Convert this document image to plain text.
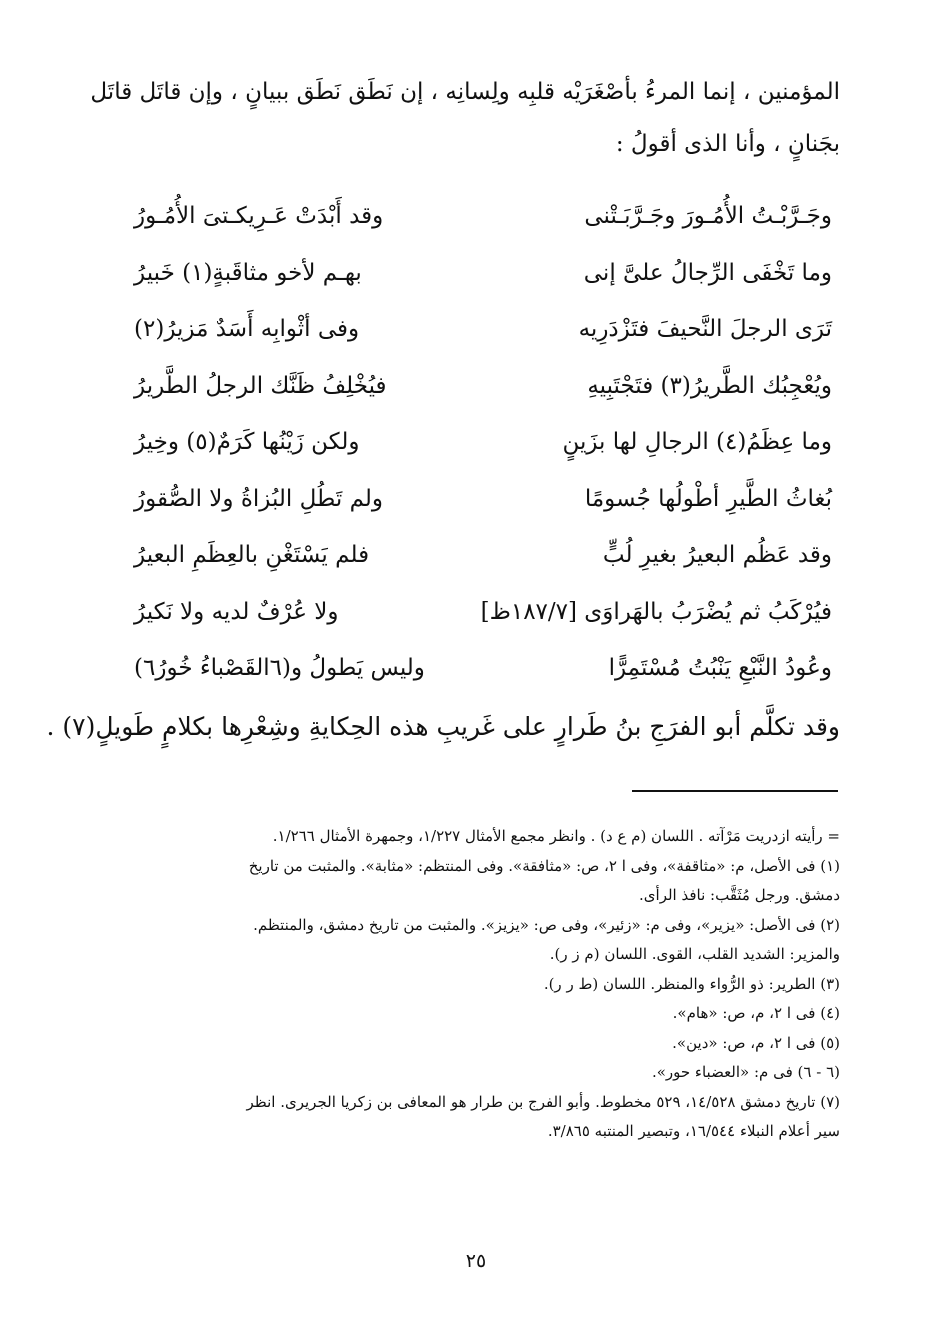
المؤمنين ، إنما المرءُ بأصْغَرَيْه قلبِه ولِسانِه ، إن نَطَق نَطَق ببيانٍ ، وإن قاتَل قاتَل
بجَنانٍ ، وأنا الذى أقولُ :
وجَـرَّبْـتُ الأُمُـورَ وجَـرَّبَـتْنى
وقد أَبْدَتْ عَـرِيكـتىَ الأُمُـورُ
وما تَخْفَى الرِّجالُ علىَّ إنى
بهـم لأخو مثاقَبةٍ(١) خَبيرُ
تَرَى الرجلَ النَّحيفَ فتَزْدَرِيه
وفى أثْوابِه أَسَدٌ مَزيرُ(٢)
ويُعْجِبُك الطَّريرُ(٣) فتَجْتَبِيهِ
فيُخْلِفُ ظَنَّك الرجلُ الطَّريرُ
وما عِظَمُ(٤) الرجالِ لها بزَينٍ
ولكن زَيْنُها كَرَمٌ(٥) وخِيرُ
بُغاثُ الطَّيرِ أطْولُها جُسومًا
ولم تَطُلِ البُزاةُ ولا الصُّقورُ
وقد عَظُم البعيرُ بغيرِ لُبٍّ
فلم يَسْتَغْنِ بالعِظَمِ البعيرُ
فيُرْكَبُ ثم يُضْرَبُ بالهَراوَى [١٨٧/٧ظ]
ولا عُرْفٌ لديه ولا نَكيرُ
وعُودُ النَّبْعِ يَنْبُتُ مُسْتَمِرًّا
وليس يَطولُ و(٦القَصْباءُ خُورُ٦)
وقد تكلَّم أبو الفرَجِ بنُ طَرارٍ على غَريبِ هذه الحِكايةِ وشِعْرِها بكلامٍ طَويلٍ(٧) .
= رأيته ازدريت مَرْآته . اللسان (م ع د) . وانظر مجمع الأمثال ١/٢٢٧، وجمهرة الأمثال ١/٢٦٦.
(١) فى الأصل، م: «مثاقفة»، وفى ا ٢، ص: «مثافقة». وفى المنتظم: «مثابة». والمثبت من تاريخ
دمشق. ورجل مُثَقَّب: نافذ الرأى.
(٢) فى الأصل: «يزير»، وفى م: «زئير»، وفى ص: «يزيز». والمثبت من تاريخ دمشق، والمنتظم.
والمزير: الشديد القلب، القوى. اللسان (م ز ر).
(٣) الطرير: ذو الرُّواء والمنظر. اللسان (ط ر ر).
(٤) فى ا ٢، م، ص: «هام».
(٥) فى ا ٢، م، ص: «دين».
(٦ - ٦) فى م: «العضباء حور».
(٧) تاريخ دمشق ١٤/٥٢٨، ٥٢٩ مخطوط. وأبو الفرج بن طرار هو المعافى بن زكريا الجريرى. انظر
سير أعلام النبلاء ١٦/٥٤٤، وتبصير المنتبه ٣/٨٦٥.
٢٥
